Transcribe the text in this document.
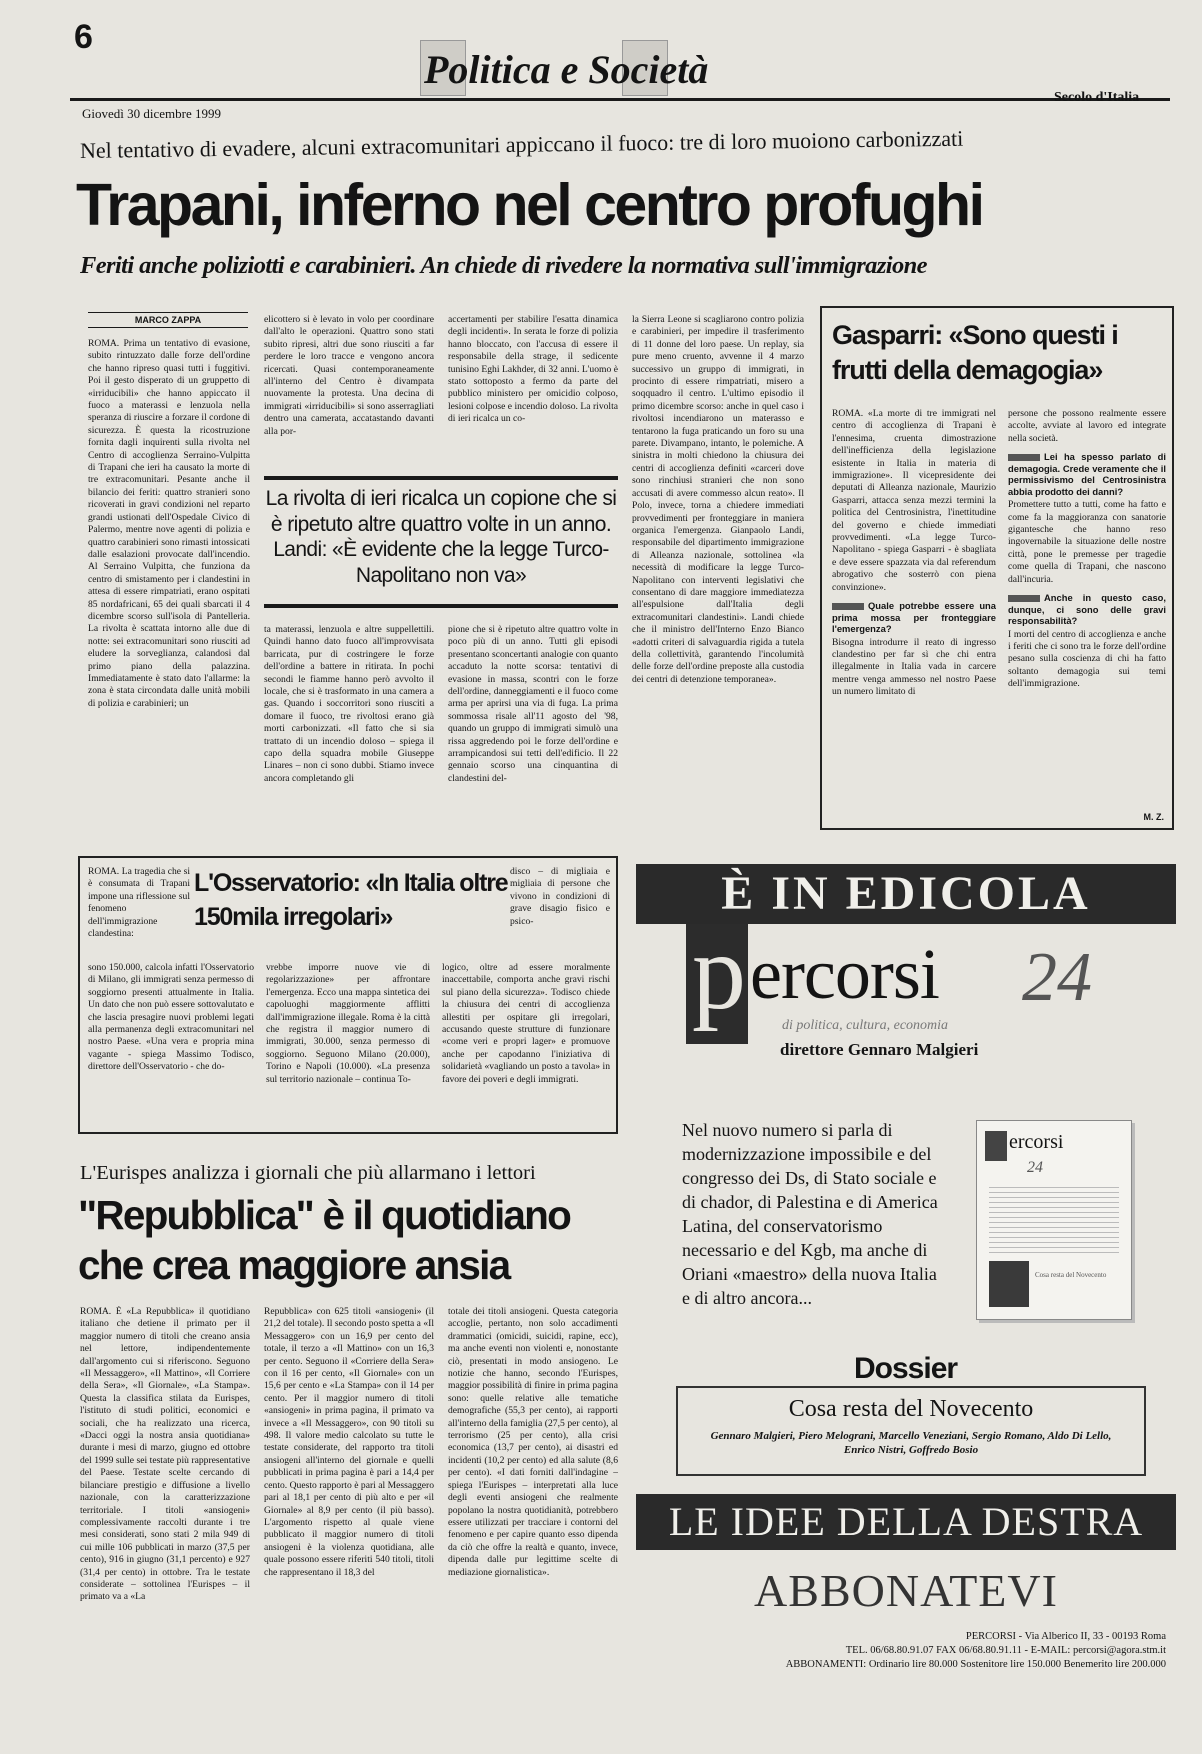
6
Politica e Società
Giovedì 30 dicembre 1999
Secolo d'Italia
Nel tentativo di evadere, alcuni extracomunitari appiccano il fuoco: tre di loro muoiono carbonizzati
Trapani, inferno nel centro profughi
Feriti anche poliziotti e carabinieri. An chiede di rivedere la normativa sull'immigrazione
MARCO ZAPPA
ROMA. Prima un tentativo di evasione, subito rintuzzato dalle forze dell'ordine che hanno ripreso quasi tutti i fuggitivi. Poi il gesto disperato di un gruppetto di «irriducibili» che hanno appiccato il fuoco a materassi e lenzuola nella speranza di riuscire a forzare il cordone di sicurezza. È questa la ricostruzione fornita dagli inquirenti sulla rivolta nel Centro di accoglienza Serraino-Vulpitta di Trapani che ieri ha causato la morte di tre extracomunitari. Pesante anche il bilancio dei feriti: quattro stranieri sono ricoverati in gravi condizioni nel reparto grandi ustionati dell'Ospedale Civico di Palermo, mentre nove agenti di polizia e quattro carabinieri sono rimasti intossicati dalle esalazioni provocate dall'incendio. Al Serraino Vulpitta, che funziona da centro di smistamento per i clandestini in attesa di essere rimpatriati, erano ospitati 85 nordafricani, 65 dei quali sbarcati il 4 dicembre scorso sull'isola di Pantelleria. La rivolta è scattata intorno alle due di notte: sei extracomunitari sono riusciti ad eludere la sorveglianza, calandosi dal primo piano della palazzina. Immediatamente è stato dato l'allarme: la zona è stata circondata dalle unità mobili di polizia e carabinieri; un
elicottero si è levato in volo per coordinare dall'alto le operazioni. Quattro sono stati subito ripresi, altri due sono riusciti a far perdere le loro tracce e vengono ancora ricercati. Quasi contemporaneamente all'interno del Centro è divampata nuovamente la protesta. Una decina di immigrati «irriducibili» si sono asserragliati dentro una camerata, accatastando davanti alla por-
accertamenti per stabilire l'esatta dinamica degli incidenti». In serata le forze di polizia hanno bloccato, con l'accusa di essere il responsabile della strage, il sedicente tunisino Eghi Lakhder, di 32 anni. L'uomo è stato sottoposto a fermo da parte del pubblico ministero per omicidio colposo, lesioni colpose e incendio doloso. La rivolta di ieri ricalca un co-
la Sierra Leone si scagliarono contro polizia e carabinieri, per impedire il trasferimento di 11 donne del loro paese. Un replay, sia pure meno cruento, avvenne il 4 marzo successivo un gruppo di immigrati, in procinto di essere rimpatriati, misero a soqquadro il centro. L'ultimo episodio il primo dicembre scorso: anche in quel caso i rivoltosi incendiarono un materasso e tentarono la fuga praticando un foro su una parete. Divampano, intanto, le polemiche. A sinistra in molti chiedono la chiusura dei centri di accoglienza definiti «carceri dove sono rinchiusi stranieri che non sono accusati di avere commesso alcun reato». Il Polo, invece, torna a chiedere immediati provvedimenti per fronteggiare in maniera organica l'emergenza. Gianpaolo Landi, responsabile del dipartimento immigrazione di Alleanza nazionale, sottolinea «la necessità di modificare la legge Turco-Napolitano con interventi legislativi che consentano di dare maggiore immediatezza all'espulsione dall'Italia degli extracomunitari clandestini». Landi chiede che il ministro dell'Interno Enzo Bianco «adotti criteri di salvaguardia rigida a tutela della collettività, garantendo l'incolumità delle forze dell'ordine preposte alla custodia dei centri di detenzione temporanea».
La rivolta di ieri ricalca un copione che si è ripetuto altre quattro volte in un anno. Landi: «È evidente che la legge Turco-Napolitano non va»
ta materassi, lenzuola e altre suppellettili. Quindi hanno dato fuoco all'improvvisata barricata, pur di costringere le forze dell'ordine a battere in ritirata. In pochi secondi le fiamme hanno però avvolto il locale, che si è trasformato in una camera a gas. Quando i soccorritori sono riusciti a domare il fuoco, tre rivoltosi erano già morti carbonizzati. «Il fatto che si sia trattato di un incendio doloso – spiega il capo della squadra mobile Giuseppe Linares – non ci sono dubbi. Stiamo invece ancora completando gli
pione che si è ripetuto altre quattro volte in poco più di un anno. Tutti gli episodi presentano sconcertanti analogie con quanto accaduto la notte scorsa: tentativi di evasione in massa, scontri con le forze dell'ordine, danneggiamenti e il fuoco come arma per aprirsi una via di fuga. La prima sommossa risale all'11 agosto del '98, quando un gruppo di immigrati simulò una rissa aggredendo poi le forze dell'ordine e arrampicandosi sui tetti dell'edificio. Il 22 gennaio scorso una cinquantina di clandestini del-
Gasparri: «Sono questi i frutti della demagogia»
ROMA. «La morte di tre immigrati nel centro di accoglienza di Trapani è l'ennesima, cruenta dimostrazione dell'inefficienza della legislazione esistente in Italia in materia di immigrazione». Il vicepresidente dei deputati di Alleanza nazionale, Maurizio Gasparri, attacca senza mezzi termini la politica del Centrosinistra, l'inettitudine del governo e chiede immediati provvedimenti. «La legge Turco-Napolitano - spiega Gasparri - è sbagliata e deve essere spazzata via dal referendum abrogativo che sosterrò con piena convinzione».
Quale potrebbe essere una prima mossa per fronteggiare l'emergenza?
Bisogna introdurre il reato di ingresso clandestino per far sì che chi entra illegalmente in Italia vada in carcere mentre venga ammesso nel nostro Paese un numero limitato di
persone che possono realmente essere accolte, avviate al lavoro ed integrate nella società.
Lei ha spesso parlato di demagogia. Crede veramente che il permissivismo del Centrosinistra abbia prodotto dei danni?
Promettere tutto a tutti, come ha fatto e come fa la maggioranza con sanatorie gigantesche che hanno reso ingovernabile la situazione delle nostre città, pone le premesse per tragedie come quella di Trapani, che nascono dall'incuria.
Anche in questo caso, dunque, ci sono delle gravi responsabilità?
I morti del centro di accoglienza e anche i feriti che ci sono tra le forze dell'ordine pesano sulla coscienza di chi ha fatto soltanto demagogia sui temi dell'immigrazione.
M. Z.
ROMA. La tragedia che si è consumata di Trapani impone una riflessione sul fenomeno dell'immigrazione clandestina:
L'Osservatorio: «In Italia oltre 150mila irregolari»
disco – di migliaia e migliaia di persone che vivono in condizioni di grave disagio fisico e psico-
sono 150.000, calcola infatti l'Osservatorio di Milano, gli immigrati senza permesso di soggiorno presenti attualmente in Italia. Un dato che non può essere sottovalutato e che lascia presagire nuovi problemi legati alla permanenza degli extracomunitari nel nostro Paese. «Una vera e propria mina vagante - spiega Massimo Todisco, direttore dell'Osservatorio - che do-
vrebbe imporre nuove vie di regolarizzazione» per affrontare l'emergenza. Ecco una mappa sintetica dei capoluoghi maggiormente afflitti dall'immigrazione illegale. Roma è la città che registra il maggior numero di immigrati, 30.000, senza permesso di soggiorno. Seguono Milano (20.000), Torino e Napoli (10.000). «La presenza sul territorio nazionale – continua To-
logico, oltre ad essere moralmente inaccettabile, comporta anche gravi rischi sul piano della sicurezza». Todisco chiede la chiusura dei centri di accoglienza allestiti per ospitare gli irregolari, accusando queste strutture di funzionare «come veri e propri lager» e promuove anche per capodanno l'iniziativa di solidarietà «vagliando un posto a tavola» in favore dei poveri e degli immigrati.
L'Eurispes analizza i giornali che più allarmano i lettori
"Repubblica" è il quotidiano
che crea maggiore ansia
ROMA. È «La Repubblica» il quotidiano italiano che detiene il primato per il maggior numero di titoli che creano ansia nel lettore, indipendentemente dall'argomento cui si riferiscono. Seguono «Il Messaggero», «Il Mattino», «Il Corriere della Sera», «Il Giornale», «La Stampa». Questa la classifica stilata da Eurispes, l'istituto di studi politici, economici e sociali, che ha realizzato una ricerca, «Dacci oggi la nostra ansia quotidiana» durante i mesi di marzo, giugno ed ottobre del 1999 sulle sei testate più rappresentative del Paese. Testate scelte cercando di bilanciare prestigio e diffusione a livello nazionale, con la caratterizzazione territoriale. I titoli «ansiogeni» complessivamente raccolti durante i tre mesi considerati, sono stati 2 mila 949 di cui mille 106 pubblicati in marzo (37,5 per cento), 916 in giugno (31,1 percento) e 927 (31,4 per cento) in ottobre. Tra le testate considerate – sottolinea l'Eurispes – il primato va a «La
Repubblica» con 625 titoli «ansiogeni» (il 21,2 del totale). Il secondo posto spetta a «Il Messaggero» con un 16,9 per cento del totale, il terzo a «Il Mattino» con un 16,3 per cento. Seguono il «Corriere della Sera» con il 16 per cento, «Il Giornale» con un 15,6 per cento e «La Stampa» con il 14 per cento. Per il maggior numero di titoli «ansiogeni» in prima pagina, il primato va invece a «Il Messaggero», con 90 titoli su 498. Il valore medio calcolato su tutte le testate considerate, del rapporto tra titoli ansiogeni all'interno del giornale e quelli pubblicati in prima pagina è pari a 14,4 per cento. Questo rapporto è pari al Messaggero pari al 18,1 per cento di più alto e per «il Giornale» al 8,9 per cento (il più basso). L'argomento rispetto al quale viene pubblicato il maggior numero di titoli ansiogeni è la violenza quotidiana, alle quale possono essere riferiti 540 titoli, titoli che rappresentano il 18,3 del
totale dei titoli ansiogeni. Questa categoria accoglie, pertanto, non solo accadimenti drammatici (omicidi, suicidi, rapine, ecc), ma anche eventi non violenti e, nonostante ciò, presentati in modo ansiogeno. Le notizie che hanno, secondo l'Eurispes, maggior possibilità di finire in prima pagina sono: quelle relative alle tematiche demografiche (55,3 per cento), ai rapporti all'interno della famiglia (27,5 per cento), al terrorismo (25 per cento), alla crisi economica (13,7 per cento), ai disastri ed incidenti (10,2 per cento) ed alla salute (8,6 per cento). «I dati forniti dall'indagine – spiega l'Eurispes – interpretati alla luce degli eventi ansiogeni che realmente popolano la nostra quotidianità, potrebbero essere utilizzati per tracciare i contorni del fenomeno e per capire quanto esso dipenda da ciò che offre la realtà e quanto, invece, dipenda dalle pur legittime scelte di mediazione giornalistica».
È IN EDICOLA
p ercorsi 24
di politica, cultura, economia
direttore Gennaro Malgieri
Nel nuovo numero si parla di modernizzazione impossibile e del congresso dei Ds, di Stato sociale e di chador, di Palestina e di America Latina, del conservatorismo necessario e del Kgb, ma anche di Oriani «maestro» della nuova Italia e di altro ancora...
ercorsi
24
Cosa resta del Novecento
Dossier
Cosa resta del Novecento
Gennaro Malgieri, Piero Melograni, Marcello Veneziani, Sergio Romano, Aldo Di Lello, Enrico Nistri, Goffredo Bosio
LE IDEE DELLA DESTRA
ABBONATEVI
PERCORSI - Via Alberico II, 33 - 00193 Roma
TEL. 06/68.80.91.07 FAX 06/68.80.91.11 - E-MAIL: percorsi@agora.stm.it
ABBONAMENTI: Ordinario lire 80.000 Sostenitore lire 150.000 Benemerito lire 200.000
